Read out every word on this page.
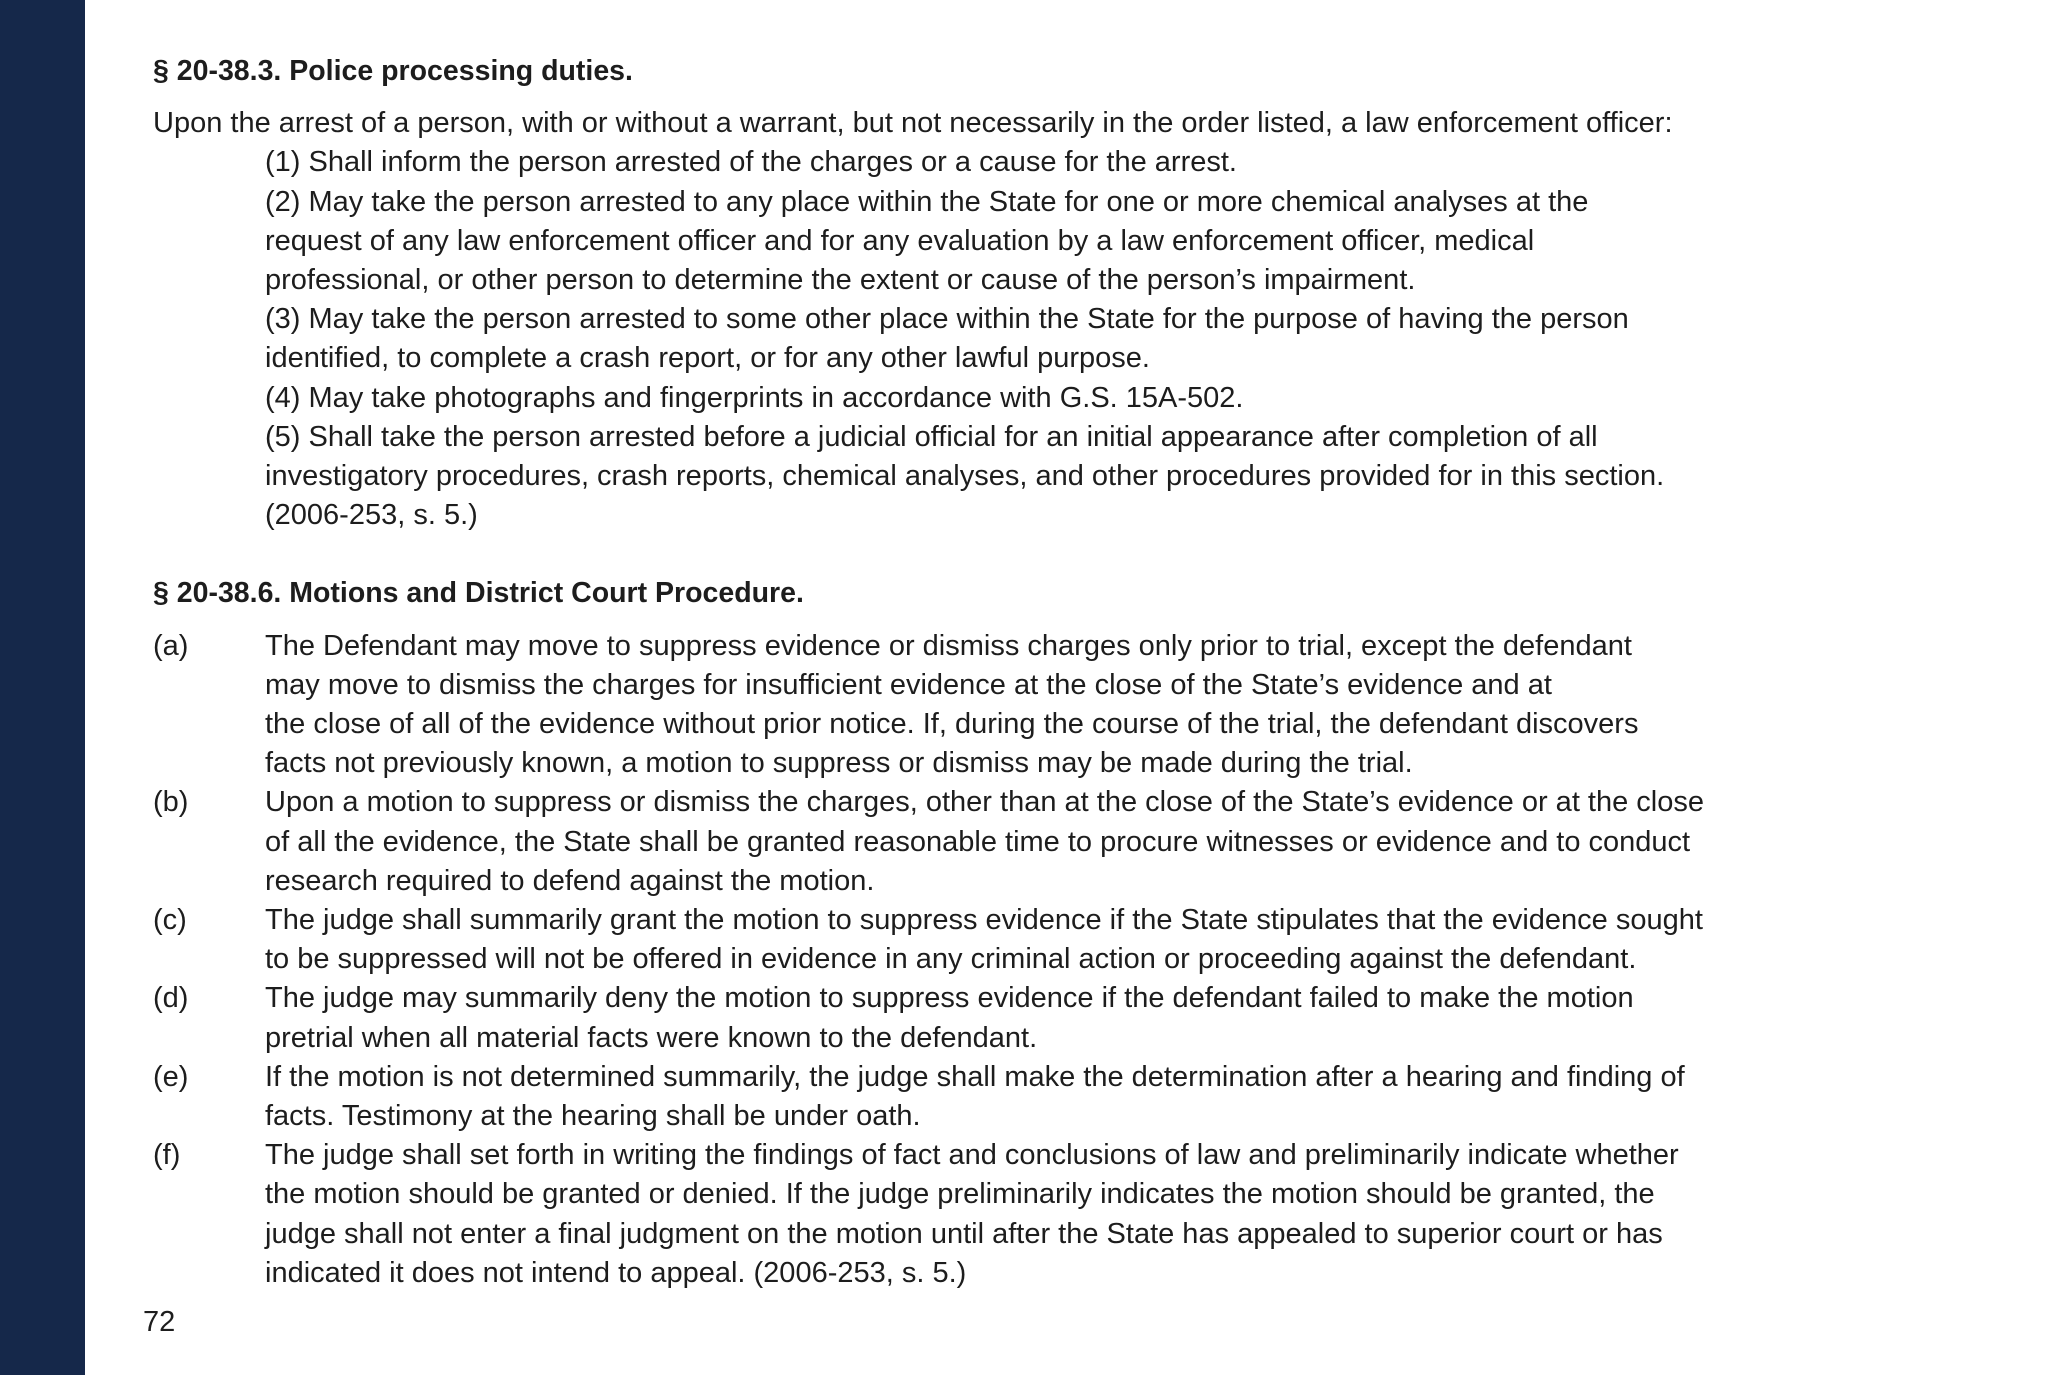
§ 20-38.3. Police processing duties.
Upon the arrest of a person, with or without a warrant, but not necessarily in the order listed, a law enforcement officer:
(1) Shall inform the person arrested of the charges or a cause for the arrest.
(2) May take the person arrested to any place within the State for one or more chemical analyses at the
request of any law enforcement officer and for any evaluation by a law enforcement officer, medical
professional, or other person to determine the extent or cause of the person’s impairment.
(3) May take the person arrested to some other place within the State for the purpose of having the person
identified, to complete a crash report, or for any other lawful purpose.
(4) May take photographs and fingerprints in accordance with G.S. 15A-502.
(5) Shall take the person arrested before a judicial official for an initial appearance after completion of all
investigatory procedures, crash reports, chemical analyses, and other procedures provided for in this section.
(2006-253, s. 5.)
§ 20-38.6. Motions and District Court Procedure.
(a)	The Defendant may move to suppress evidence or dismiss charges only prior to trial, except the defendant
may move to dismiss the charges for insufficient evidence at the close of the State’s evidence and at
the close of all of the evidence without prior notice. If, during the course of the trial, the defendant discovers
facts not previously known, a motion to suppress or dismiss may be made during the trial.
(b)	Upon a motion to suppress or dismiss the charges, other than at the close of the State’s evidence or at the close
of all the evidence, the State shall be granted reasonable time to procure witnesses or evidence and to conduct
research required to defend against the motion.
(c)	The judge shall summarily grant the motion to suppress evidence if the State stipulates that the evidence sought
to be suppressed will not be offered in evidence in any criminal action or proceeding against the defendant.
(d)	The judge may summarily deny the motion to suppress evidence if the defendant failed to make the motion
pretrial when all material facts were known to the defendant.
(e)	If the motion is not determined summarily, the judge shall make the determination after a hearing and finding of
facts. Testimony at the hearing shall be under oath.
(f)	The judge shall set forth in writing the findings of fact and conclusions of law and preliminarily indicate whether
the motion should be granted or denied. If the judge preliminarily indicates the motion should be granted, the
judge shall not enter a final judgment on the motion until after the State has appealed to superior court or has
indicated it does not intend to appeal. (2006-253, s. 5.)
72
